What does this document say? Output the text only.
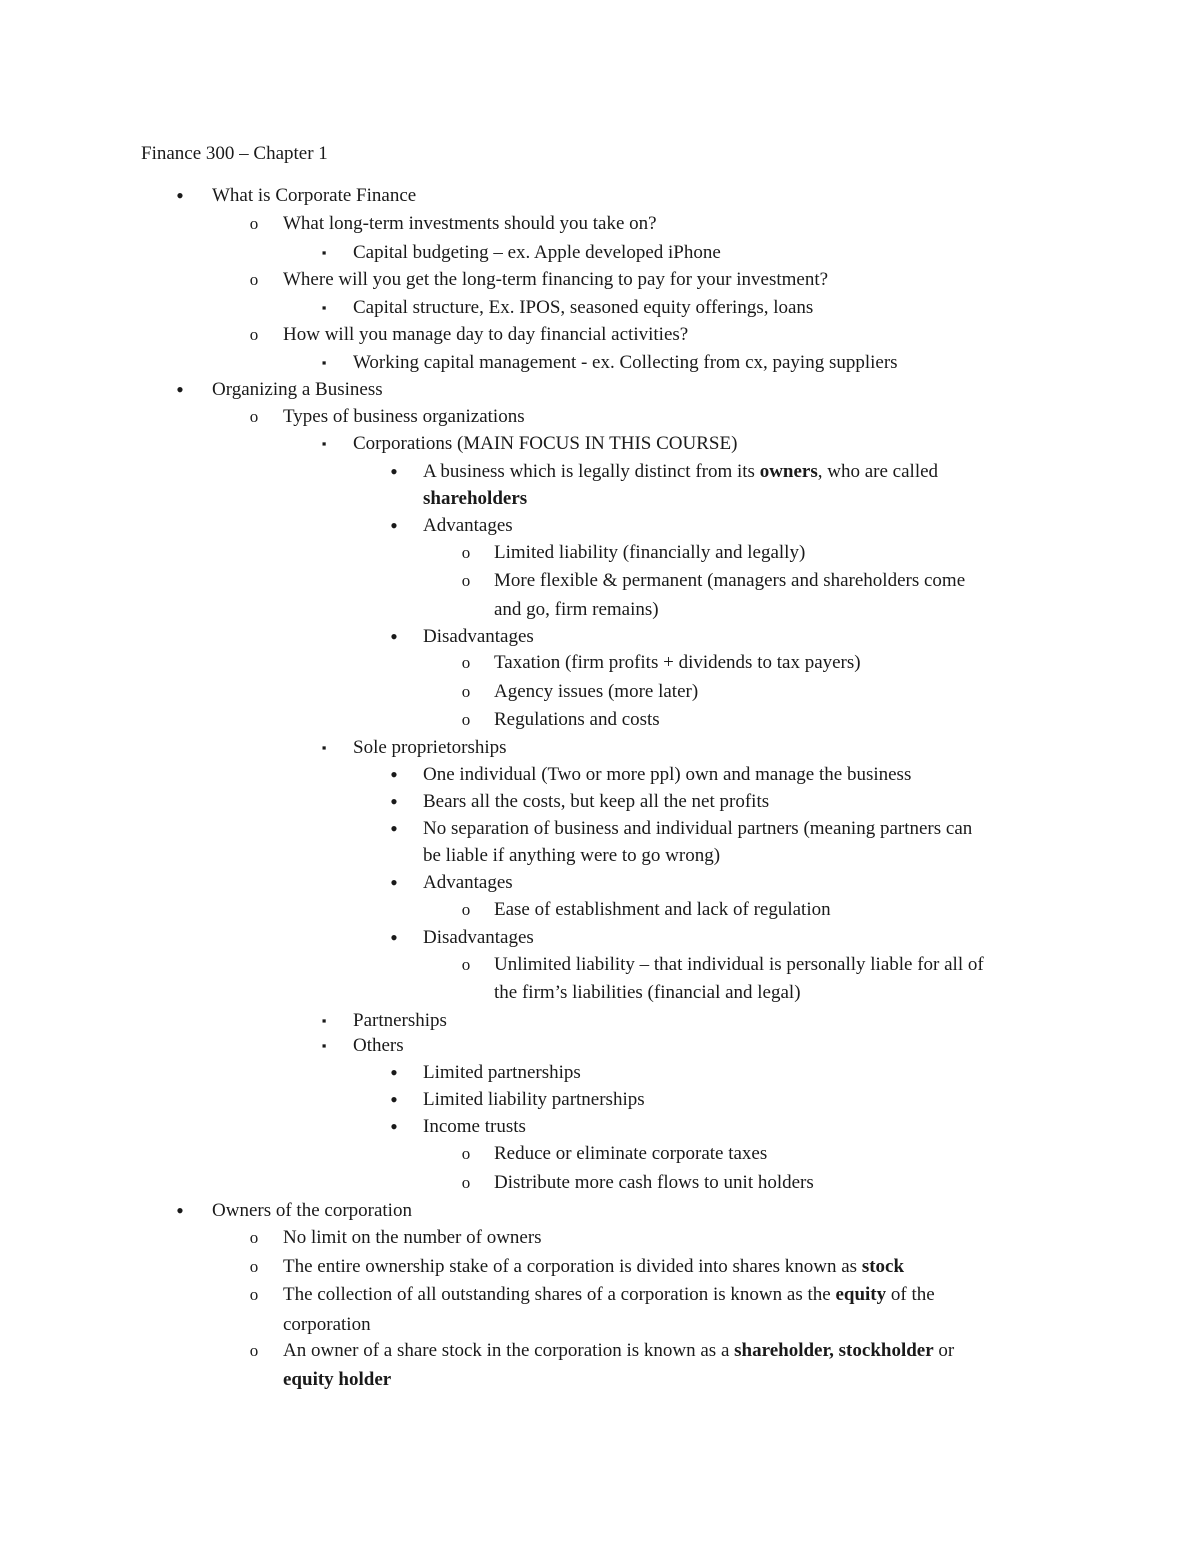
Finance 300 – Chapter 1
•	What is Corporate Finance
o	What long-term investments should you take on?
▪	Capital budgeting – ex. Apple developed iPhone
o	Where will you get the long-term financing to pay for your investment?
▪	Capital structure, Ex. IPOS, seasoned equity offerings, loans
o	How will you manage day to day financial activities?
▪	Working capital management - ex. Collecting from cx, paying suppliers
•	Organizing a Business
o	Types of business organizations
▪	Corporations (MAIN FOCUS IN THIS COURSE)
•	A business which is legally distinct from its owners, who are called
shareholders
•	Advantages
o	Limited liability (financially and legally)
o	More flexible & permanent (managers and shareholders come
and go, firm remains)
•	Disadvantages
o	Taxation (firm profits + dividends to tax payers)
o	Agency issues (more later)
o	Regulations and costs
▪	Sole proprietorships
•	One individual (Two or more ppl) own and manage the business
•	Bears all the costs, but keep all the net profits
•	No separation of business and individual partners (meaning partners can
be liable if anything were to go wrong)
•	Advantages
o	Ease of establishment and lack of regulation
•	Disadvantages
o	Unlimited liability – that individual is personally liable for all of
the firm’s liabilities (financial and legal)
▪	Partnerships
▪	Others
•	Limited partnerships
•	Limited liability partnerships
•	Income trusts
o	Reduce or eliminate corporate taxes
o	Distribute more cash flows to unit holders
•	Owners of the corporation
o	No limit on the number of owners
o	The entire ownership stake of a corporation is divided into shares known as stock
o	The collection of all outstanding shares of a corporation is known as the equity of the
corporation
o	An owner of a share stock in the corporation is known as a shareholder, stockholder or
equity holder
